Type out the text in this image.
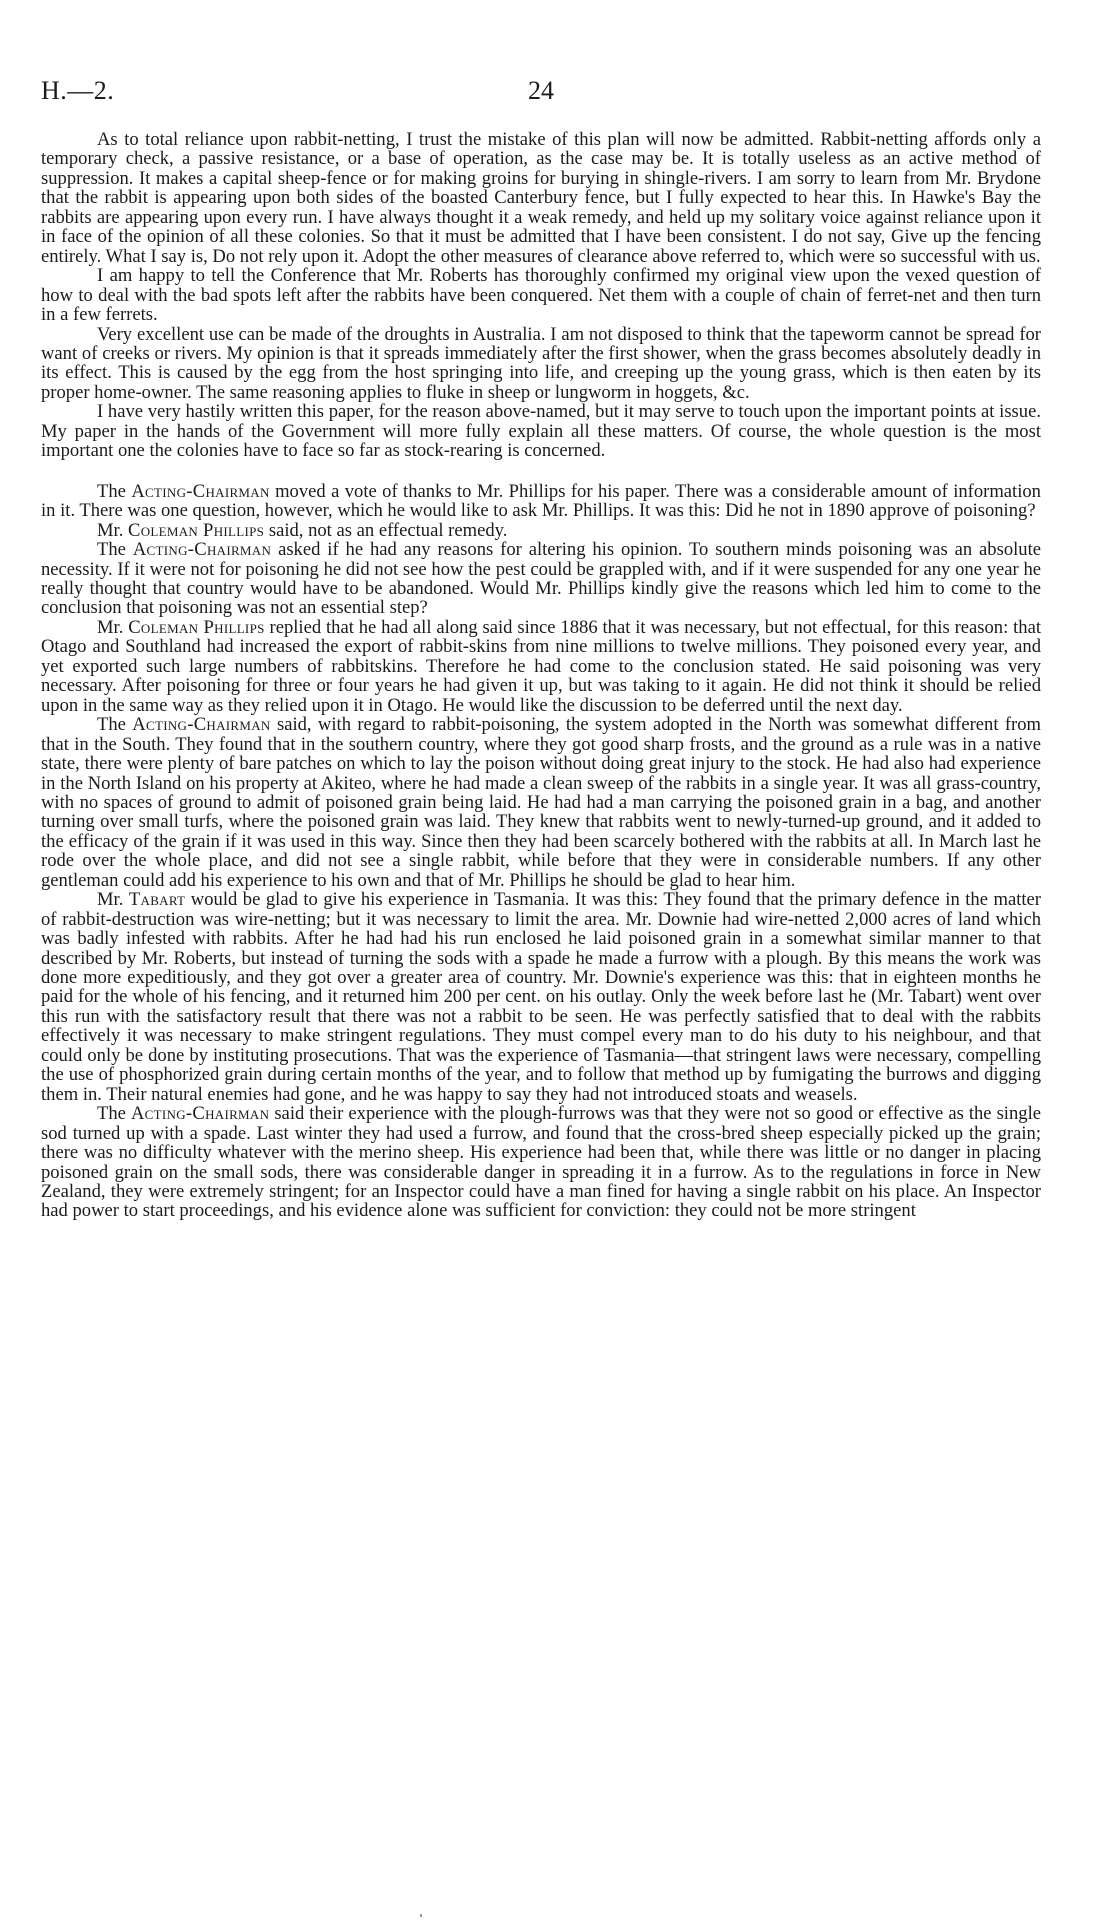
H.—2.	24

As to total reliance upon rabbit-netting, I trust the mistake of this plan will now be admitted. Rabbit-netting affords only a temporary check, a passive resistance, or a base of operation, as the case may be. It is totally useless as an active method of suppression. It makes a capital sheep-fence or for making groins for burying in shingle-rivers. I am sorry to learn from Mr. Brydone that the rabbit is appearing upon both sides of the boasted Canterbury fence, but I fully expected to hear this. In Hawke's Bay the rabbits are appearing upon every run. I have always thought it a weak remedy, and held up my solitary voice against reliance upon it in face of the opinion of all these colonies. So that it must be admitted that I have been consistent. I do not say, Give up the fencing entirely. What I say is, Do not rely upon it. Adopt the other measures of clearance above referred to, which were so successful with us.

I am happy to tell the Conference that Mr. Roberts has thoroughly confirmed my original view upon the vexed question of how to deal with the bad spots left after the rabbits have been conquered. Net them with a couple of chain of ferret-net and then turn in a few ferrets.

Very excellent use can be made of the droughts in Australia. I am not disposed to think that the tapeworm cannot be spread for want of creeks or rivers. My opinion is that it spreads immediately after the first shower, when the grass becomes absolutely deadly in its effect. This is caused by the egg from the host springing into life, and creeping up the young grass, which is then eaten by its proper home-owner. The same reasoning applies to fluke in sheep or lungworm in hoggets, &c.

I have very hastily written this paper, for the reason above-named, but it may serve to touch upon the important points at issue. My paper in the hands of the Government will more fully explain all these matters. Of course, the whole question is the most important one the colonies have to face so far as stock-rearing is concerned.

The Acting-Chairman moved a vote of thanks to Mr. Phillips for his paper. There was a considerable amount of information in it. There was one question, however, which he would like to ask Mr. Phillips. It was this: Did he not in 1890 approve of poisoning?

Mr. Coleman Phillips said, not as an effectual remedy.

The Acting-Chairman asked if he had any reasons for altering his opinion. To southern minds poisoning was an absolute necessity. If it were not for poisoning he did not see how the pest could be grappled with, and if it were suspended for any one year he really thought that country would have to be abandoned. Would Mr. Phillips kindly give the reasons which led him to come to the conclusion that poisoning was not an essential step?

Mr. Coleman Phillips replied that he had all along said since 1886 that it was necessary, but not effectual, for this reason: that Otago and Southland had increased the export of rabbit-skins from nine millions to twelve millions. They poisoned every year, and yet exported such large numbers of rabbitskins. Therefore he had come to the conclusion stated. He said poisoning was very necessary. After poisoning for three or four years he had given it up, but was taking to it again. He did not think it should be relied upon in the same way as they relied upon it in Otago. He would like the discussion to be deferred until the next day.

The Acting-Chairman said, with regard to rabbit-poisoning, the system adopted in the North was somewhat different from that in the South. They found that in the southern country, where they got good sharp frosts, and the ground as a rule was in a native state, there were plenty of bare patches on which to lay the poison without doing great injury to the stock. He had also had experience in the North Island on his property at Akiteo, where he had made a clean sweep of the rabbits in a single year. It was all grass-country, with no spaces of ground to admit of poisoned grain being laid. He had had a man carrying the poisoned grain in a bag, and another turning over small turfs, where the poisoned grain was laid. They knew that rabbits went to newly-turned-up ground, and it added to the efficacy of the grain if it was used in this way. Since then they had been scarcely bothered with the rabbits at all. In March last he rode over the whole place, and did not see a single rabbit, while before that they were in considerable numbers. If any other gentleman could add his experience to his own and that of Mr. Phillips he should be glad to hear him.

Mr. Tabart would be glad to give his experience in Tasmania. It was this: They found that the primary defence in the matter of rabbit-destruction was wire-netting; but it was necessary to limit the area. Mr. Downie had wire-netted 2,000 acres of land which was badly infested with rabbits. After he had had his run enclosed he laid poisoned grain in a somewhat similar manner to that described by Mr. Roberts, but instead of turning the sods with a spade he made a furrow with a plough. By this means the work was done more expeditiously, and they got over a greater area of country. Mr. Downie's experience was this: that in eighteen months he paid for the whole of his fencing, and it returned him 200 per cent. on his outlay. Only the week before last he (Mr. Tabart) went over this run with the satisfactory result that there was not a rabbit to be seen. He was perfectly satisfied that to deal with the rabbits effectively it was necessary to make stringent regulations. They must compel every man to do his duty to his neighbour, and that could only be done by instituting prosecutions. That was the experience of Tasmania—that stringent laws were necessary, compelling the use of phosphorized grain during certain months of the year, and to follow that method up by fumigating the burrows and digging them in. Their natural enemies had gone, and he was happy to say they had not introduced stoats and weasels.

The Acting-Chairman said their experience with the plough-furrows was that they were not so good or effective as the single sod turned up with a spade. Last winter they had used a furrow, and found that the cross-bred sheep especially picked up the grain; there was no difficulty whatever with the merino sheep. His experience had been that, while there was little or no danger in placing poisoned grain on the small sods, there was considerable danger in spreading it in a furrow. As to the regulations in force in New Zealand, they were extremely stringent; for an Inspector could have a man fined for having a single rabbit on his place. An Inspector had power to start proceedings, and his evidence alone was sufficient for conviction: they could not be more stringent
